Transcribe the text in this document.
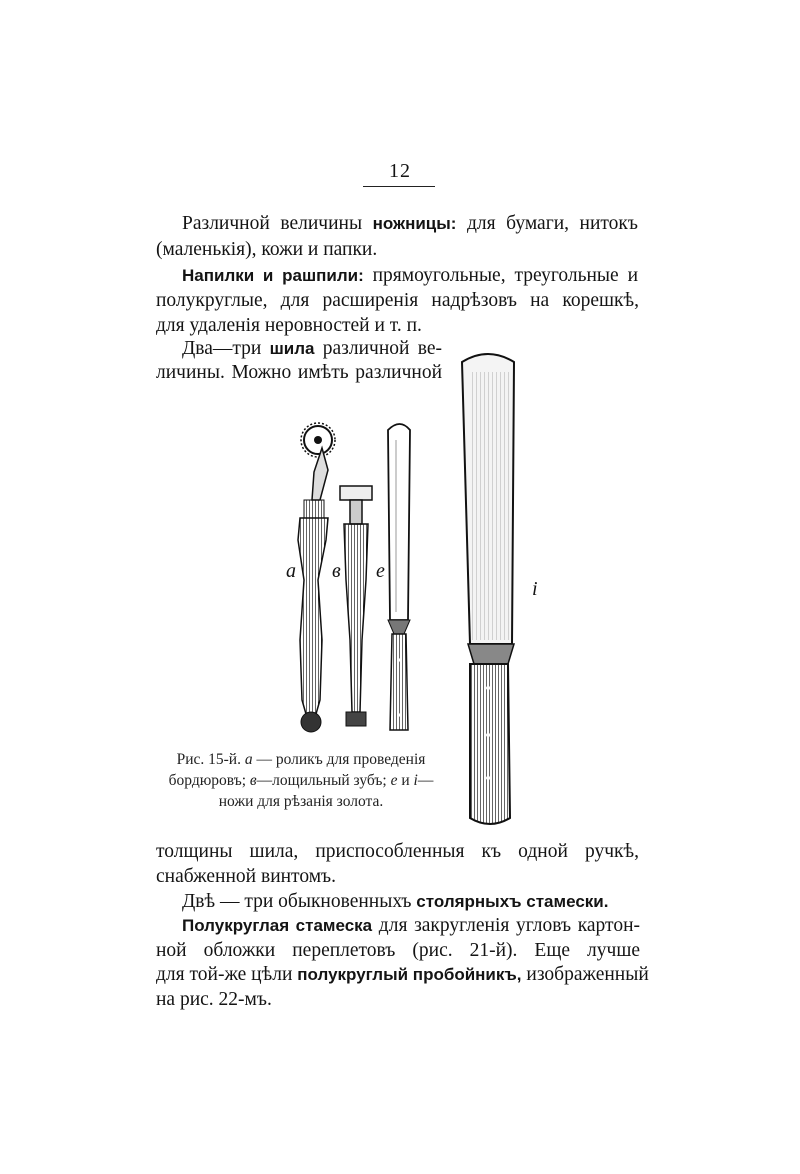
12
Различной величины ножницы: для бумаги, нитокъ
(маленькія), кожи и папки.
Напилки и рашпили: прямоугольные, треугольные и
полукруглые, для расширенія надрѣзовъ на корешкѣ,
для удаленія неровностей и т. п.
Два—три шила различной ве-
личины. Можно имѣть различной
a в е
i
Рис. 15-й. a — роликъ для проведенія
бордюровъ; в—лощильный зубъ; е и i—
ножи для рѣзанія золота.
толщины шила, приспособленныя къ одной ручкѣ,
снабженной винтомъ.
Двѣ — три обыкновенныхъ столярныхъ стамески.
Полукруглая стамеска для закругленія угловъ картон-
ной обложки переплетовъ (рис. 21-й). Еще лучше
для той-же цѣли полукруглый пробойникъ, изображенный
на рис. 22-мъ.
